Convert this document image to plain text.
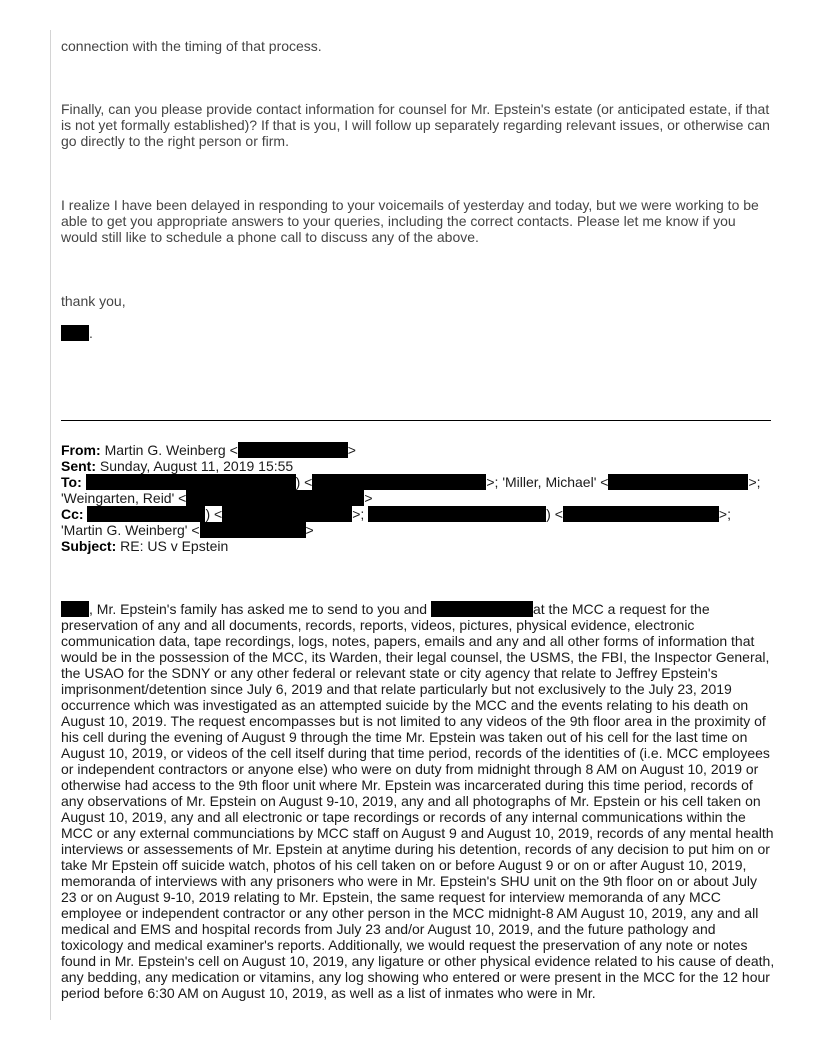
connection with the timing of that process.

Finally, can you please provide contact information for counsel for Mr. Epstein's estate (or anticipated estate, if that is not yet formally established)? If that is you, I will follow up separately regarding relevant issues, or otherwise can go directly to the right person or firm.

I realize I have been delayed in responding to your voicemails of yesterday and today, but we were working to be able to get you appropriate answers to your queries, including the correct contacts. Please let me know if you would still like to schedule a phone call to discuss any of the above.

thank you,

.
From: Martin G. Weinberg <	>
Sent: Sunday, August 11, 2019 15:55
To:	) <	>; 'Miller, Michael' <	>;
'Weingarten, Reid' <	>
Cc:	) <	>;	) <	>;
'Martin G. Weinberg' <	>
Subject: RE: US v Epstein

, Mr. Epstein's family has asked me to send to you and	at the MCC a request for the preservation of any and all documents, records, reports, videos, pictures, physical evidence, electronic communication data, tape recordings, logs, notes, papers, emails and any and all other forms of information that would be in the possession of the MCC, its Warden, their legal counsel, the USMS, the FBI, the Inspector General, the USAO for the SDNY or any other federal or relevant state or city agency that relate to Jeffrey Epstein's imprisonment/detention since July 6, 2019 and that relate particularly but not exclusively to the July 23, 2019 occurrence which was investigated as an attempted suicide by the MCC and the events relating to his death on August 10, 2019. The request encompasses but is not limited to any videos of the 9th floor area in the proximity of his cell during the evening of August 9 through the time Mr. Epstein was taken out of his cell for the last time on August 10, 2019, or videos of the cell itself during that time period, records of the identities of (i.e. MCC employees or independent contractors or anyone else) who were on duty from midnight through 8 AM on August 10, 2019 or otherwise had access to the 9th floor unit where Mr. Epstein was incarcerated during this time period, records of any observations of Mr. Epstein on August 9-10, 2019, any and all photographs of Mr. Epstein or his cell taken on August 10, 2019, any and all electronic or tape recordings or records of any internal communications within the MCC or any external communciations by MCC staff on August 9 and August 10, 2019, records of any mental health interviews or assessements of Mr. Epstein at anytime during his detention, records of any decision to put him on or take Mr Epstein off suicide watch, photos of his cell taken on or before August 9 or on or after August 10, 2019, memoranda of interviews with any prisoners who were in Mr. Epstein's SHU unit on the 9th floor on or about July 23 or on August 9-10, 2019 relating to Mr. Epstein, the same request for interview memoranda of any MCC employee or independent contractor or any other person in the MCC midnight-8 AM August 10, 2019, any and all medical and EMS and hospital records from July 23 and/or August 10, 2019, and the future pathology and toxicology and medical examiner's reports. Additionally, we would request the preservation of any note or notes found in Mr. Epstein's cell on August 10, 2019, any ligature or other physical evidence related to his cause of death, any bedding, any medication or vitamins, any log showing who entered or were present in the MCC for the 12 hour period before 6:30 AM on August 10, 2019, as well as a list of inmates who were in Mr.
